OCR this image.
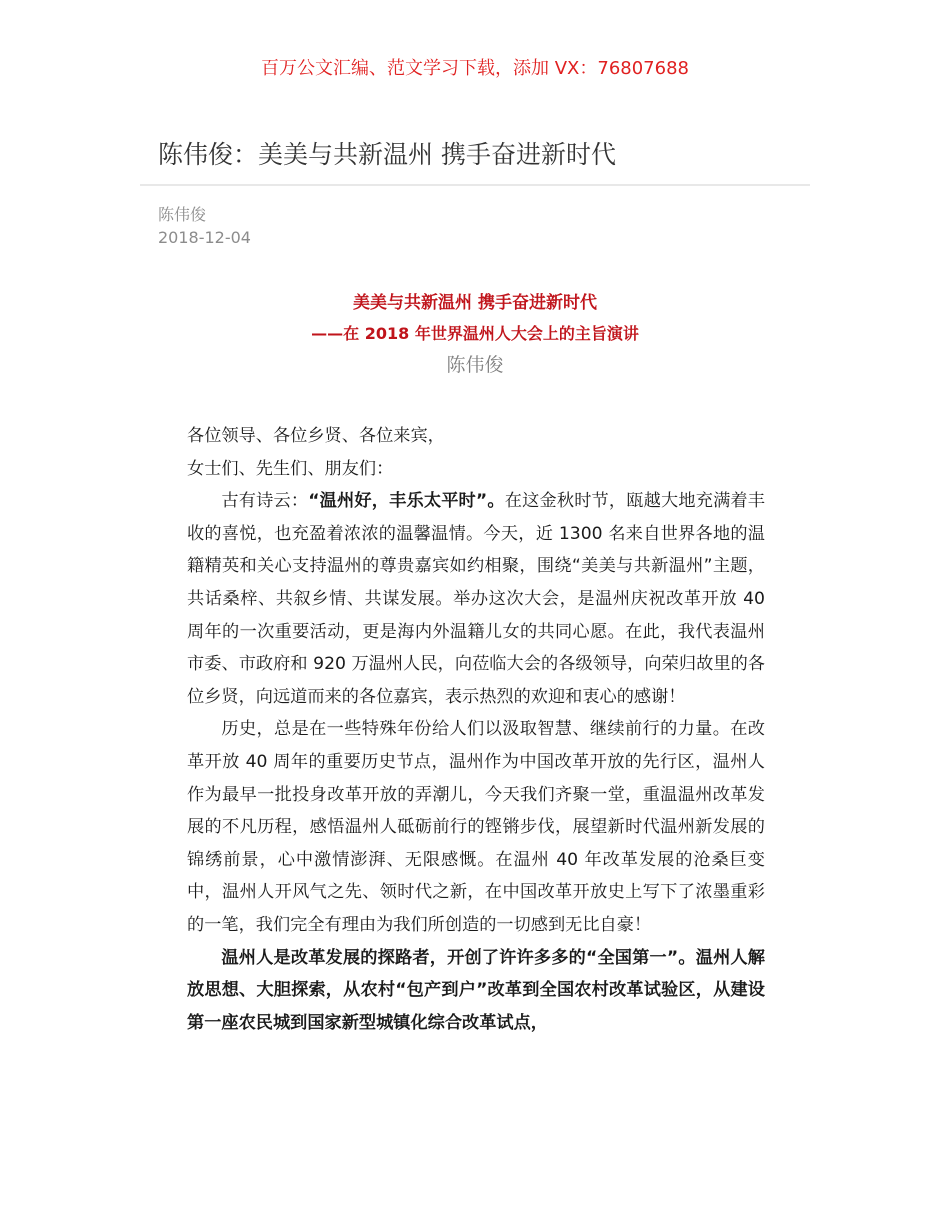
百万公文汇编、范文学习下载，添加 VX：76807688
陈伟俊：美美与共新温州 携手奋进新时代
陈伟俊
2018-12-04
美美与共新温州 携手奋进新时代
——在 2018 年世界温州人大会上的主旨演讲
陈伟俊

各位领导、各位乡贤、各位来宾，

女士们、先生们、朋友们：

古有诗云：“温州好，丰乐太平时”。在这金秋时节，瓯越大地充满着丰收的喜悦，也充盈着浓浓的温馨温情。今天，近 1300 名来自世界各地的温籍精英和关心支持温州的尊贵嘉宾如约相聚，围绕“美美与共新温州”主题，共话桑梓、共叙乡情、共谋发展。举办这次大会，是温州庆祝改革开放 40 周年的一次重要活动，更是海内外温籍儿女的共同心愿。在此，我代表温州市委、市政府和 920 万温州人民，向莅临大会的各级领导，向荣归故里的各位乡贤，向远道而来的各位嘉宾，表示热烈的欢迎和衷心的感谢！

历史，总是在一些特殊年份给人们以汲取智慧、继续前行的力量。在改革开放 40 周年的重要历史节点，温州作为中国改革开放的先行区，温州人作为最早一批投身改革开放的弄潮儿，今天我们齐聚一堂，重温温州改革发展的不凡历程，感悟温州人砥砺前行的铿锵步伐，展望新时代温州新发展的锦绣前景，心中激情澎湃、无限感慨。在温州 40 年改革发展的沧桑巨变中，温州人开风气之先、领时代之新，在中国改革开放史上写下了浓墨重彩的一笔，我们完全有理由为我们所创造的一切感到无比自豪！

温州人是改革发展的探路者，开创了许许多多的“全国第一”。温州人解放思想、大胆探索，从农村“包产到户”改革到全国农村改革试验区，从建设第一座农民城到国家新型城镇化综合改革试点，
